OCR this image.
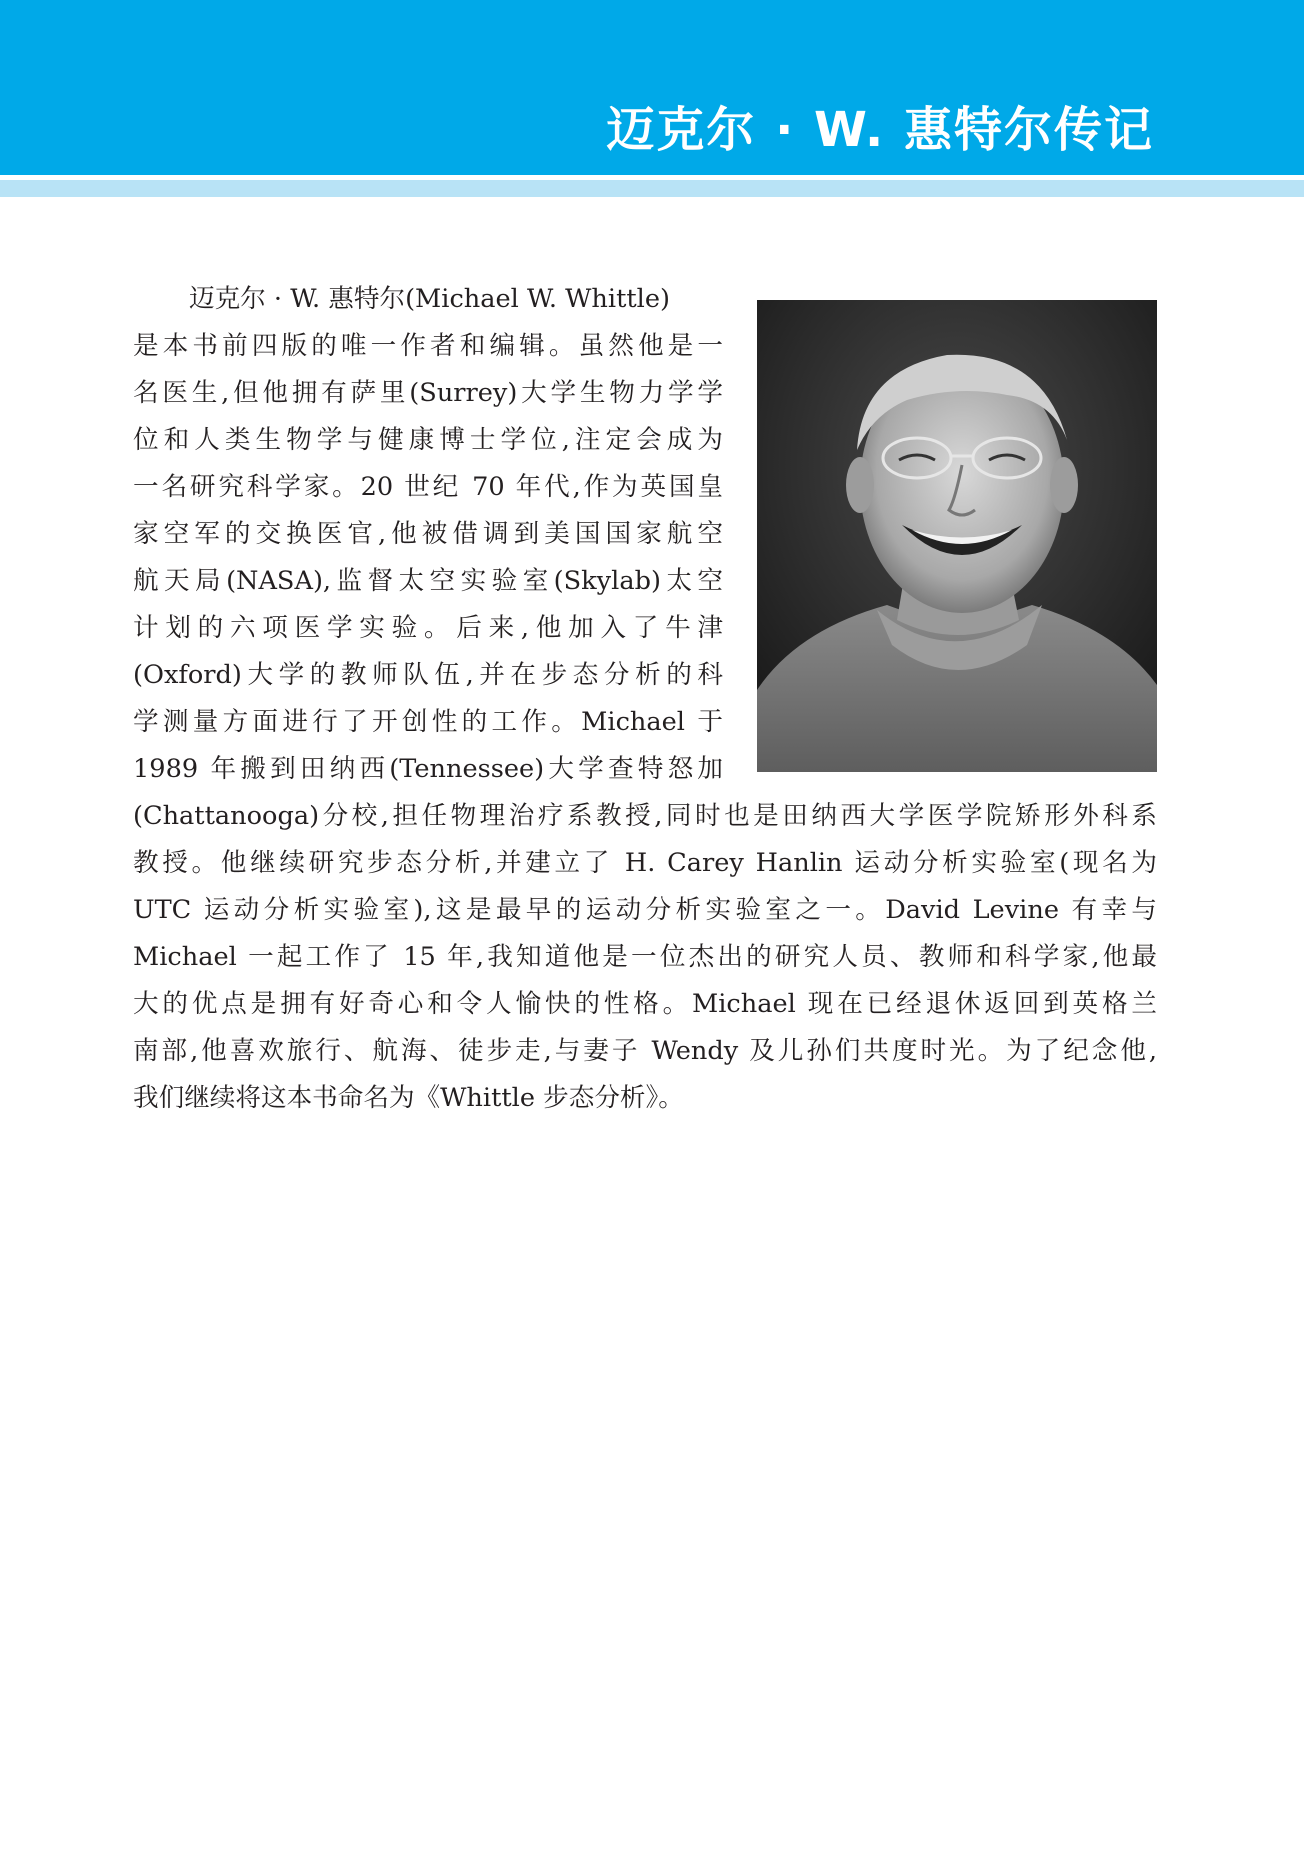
迈克尔 · W. 惠特尔传记
迈克尔 · W. 惠特尔(Michael W. Whittle)
是本书前四版的唯一作者和编辑。虽然他是一
名医生,但他拥有萨里(Surrey)大学生物力学学
位和人类生物学与健康博士学位,注定会成为
一名研究科学家。20 世纪 70 年代,作为英国皇
家空军的交换医官,他被借调到美国国家航空
航天局(NASA),监督太空实验室(Skylab)太空
计划的六项医学实验。后来,他加入了牛津
(Oxford)大学的教师队伍,并在步态分析的科
学测量方面进行了开创性的工作。Michael 于
1989 年搬到田纳西(Tennessee)大学查特怒加
(Chattanooga)分校,担任物理治疗系教授,同时也是田纳西大学医学院矫形外科系
教授。他继续研究步态分析,并建立了 H. Carey Hanlin 运动分析实验室(现名为
UTC 运动分析实验室),这是最早的运动分析实验室之一。David Levine 有幸与
Michael 一起工作了 15 年,我知道他是一位杰出的研究人员、教师和科学家,他最
大的优点是拥有好奇心和令人愉快的性格。Michael 现在已经退休返回到英格兰
南部,他喜欢旅行、航海、徒步走,与妻子 Wendy 及儿孙们共度时光。为了纪念他,
我们继续将这本书命名为《Whittle 步态分析》。
